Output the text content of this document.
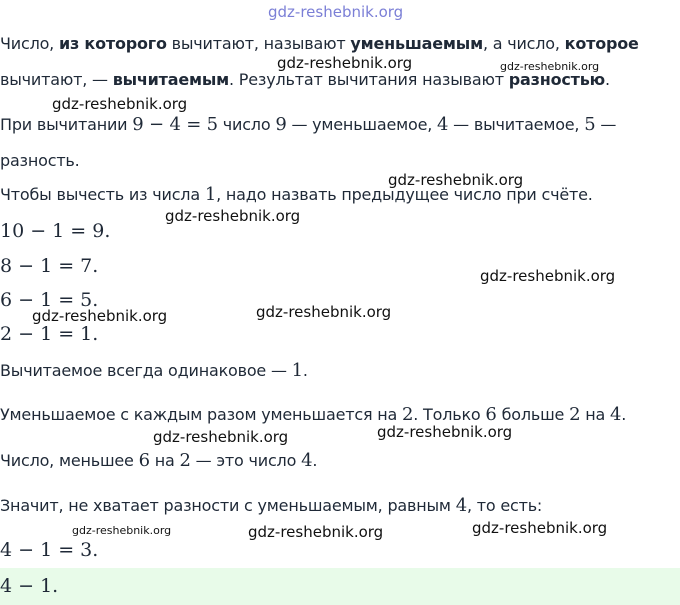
gdz-reshebnik.org
Число, из которого вычитают, называют уменьшаемым, а число, которое
вычитают, — вычитаемым. Результат вычитания называют разностью.
При вычитании 9 − 4 = 5 число 9 — уменьшаемое, 4 — вычитаемое, 5 —
разность.
Чтобы вычесть из числа 1, надо назвать предыдущее число при счёте.
10 − 1 = 9.
8 − 1 = 7.
6 − 1 = 5.
2 − 1 = 1.
Вычитаемое всегда одинаковое — 1.
Уменьшаемое с каждым разом уменьшается на 2. Только 6 больше 2 на 4.
Число, меньшее 6 на 2 — это число 4.
Значит, не хватает разности с уменьшаемым, равным 4, то есть:
4 − 1 = 3.
4 − 1.
gdz-reshebnik.org	gdz-reshebnik.org
gdz-reshebnik.org
gdz-reshebnik.org
gdz-reshebnik.org
gdz-reshebnik.org
gdz-reshebnik.org	gdz-reshebnik.org
gdz-reshebnik.org	gdz-reshebnik.org
gdz-reshebnik.org	gdz-reshebnik.org	gdz-reshebnik.org
